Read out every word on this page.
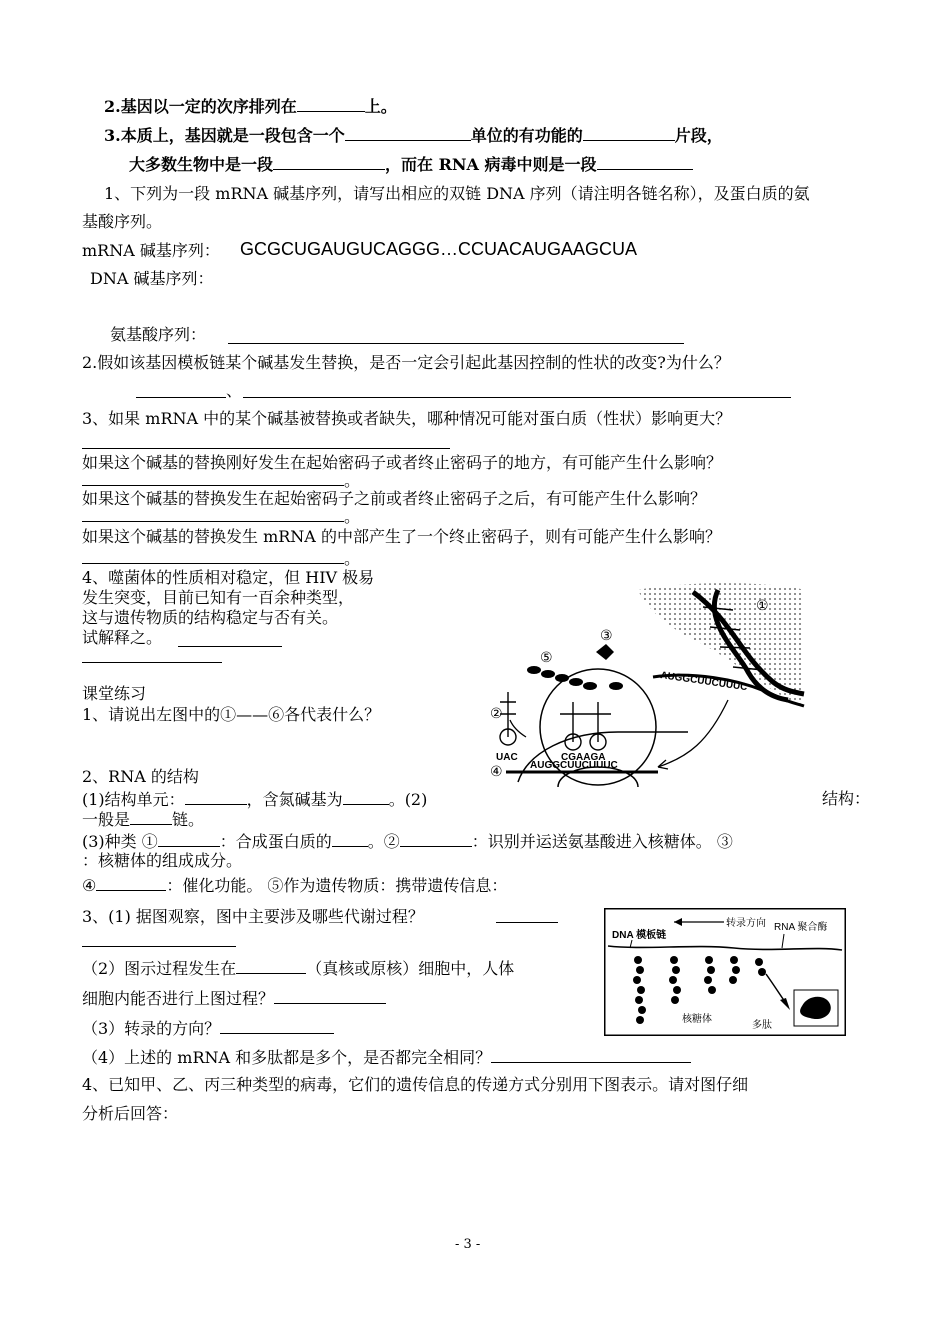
2.基因以一定的次序排列在	上。
3.本质上，基因就是一段包含一个	单位的有功能的	片段，
大多数生物中是一段	，而在 RNA 病毒中则是一段
1、下列为一段 mRNA 碱基序列，请写出相应的双链 DNA 序列（请注明各链名称），及蛋白质的氨
基酸序列。
mRNA 碱基序列： GCGCUGAUGUCAGGG…CCUACAUGAAGCUA
DNA 碱基序列：
氨基酸序列：
2.假如该基因模板链某个碱基发生替换，是否一定会引起此基因控制的性状的改变?为什么？
、
3、如果 mRNA 中的某个碱基被替换或者缺失，哪种情况可能对蛋白质（性状）影响更大？
如果这个碱基的替换刚好发生在起始密码子或者终止密码子的地方，有可能产生什么影响？
。
如果这个碱基的替换发生在起始密码子之前或者终止密码子之后，有可能产生什么影响？
。
如果这个碱基的替换发生 mRNA 的中部产生了一个终止密码子，则有可能产生什么影响？
。
4、噬菌体的性质相对稳定，但 HIV 极易
发生突变，目前已知有一百余种类型，
这与遗传物质的结构稳定与否有关。
试解释之。
①
AUGGCUUCUUUC
AUGGCUUCUUUC
④
②
UAC	CGAAGA
⑤
③
课堂练习
1、请说出左图中的①——⑥各代表什么？
2、RNA 的结构
(1)结构单元：	，含氮碱基为	。(2)	结构：
一般是	链。
(3)种类 ①	：合成蛋白质的 。②	：识别并运送氨基酸进入核糖体。 ③
：核糖体的组成成分。
④	：催化功能。 ⑤作为遗传物质：携带遗传信息：
3、(1) 据图观察，图中主要涉及哪些代谢过程？
（2）图示过程发生在	（真核或原核）细胞中，人体
细胞内能否进行上图过程？
（3）转录的方向？
（4）上述的 mRNA 和多肽都是多个，是否都完全相同？
转录方向
DNA 模板链
RNA 聚合酶
核糖体
多肽
4、已知甲、乙、丙三种类型的病毒，它们的遗传信息的传递方式分别用下图表示。请对图仔细
分析后回答：
- 3 -
